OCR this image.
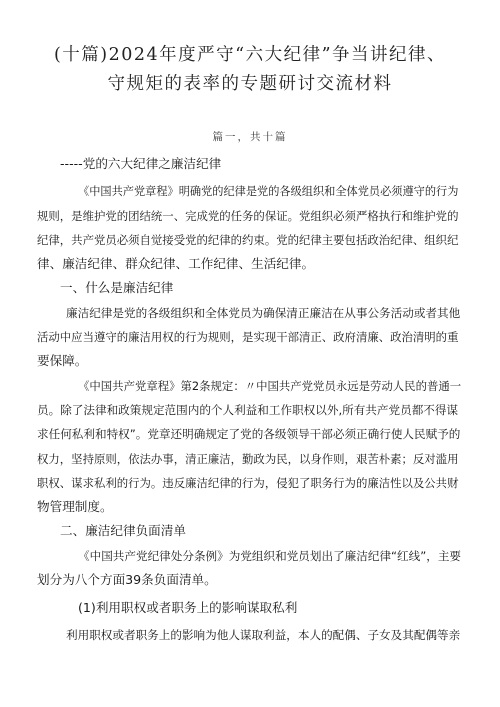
(十篇)2024年度严守“六大纪律”争当讲纪律、
守规矩的表率的专题研讨交流材料
篇一，共十篇
-----党的六大纪律之廉洁纪律
《中国共产党章程》明确党的纪律是党的各级组织和全体党员必须遵守的行为
规则，是维护党的团结统一、完成党的任务的保证。党组织必须严格执行和维护党的
纪律，共产党员必须自觉接受党的纪律的约束。党的纪律主要包括政治纪律、组织纪
律、廉洁纪律、群众纪律、工作纪律、生活纪律。
一、什么是廉洁纪律
廉洁纪律是党的各级组织和全体党员为确保清正廉洁在从事公务活动或者其他
活动中应当遵守的廉洁用权的行为规则，是实现干部清正、政府清廉、政治清明的重
要保障。
《中国共产党章程》第2条规定：〃中国共产党党员永远是劳动人民的普通一
员。除了法律和政策规定范围内的个人利益和工作职权以外,所有共产党员都不得谋
求任何私利和特权”。党章还明确规定了党的各级领导干部必须正确行使人民赋予的
权力，坚持原则，依法办事，清正廉洁，勤政为民，以身作则，艰苦朴素；反对滥用
职权、谋求私利的行为。违反廉洁纪律的行为，侵犯了职务行为的廉洁性以及公共财
物管理制度。
二、廉洁纪律负面清单
《中国共产党纪律处分条例》为党组织和党员划出了廉洁纪律“红线”，主要
划分为八个方面39条负面清单。
(1)利用职权或者职务上的影响谋取私利
利用职权或者职务上的影响为他人谋取利益，本人的配偶、子女及其配偶等亲
